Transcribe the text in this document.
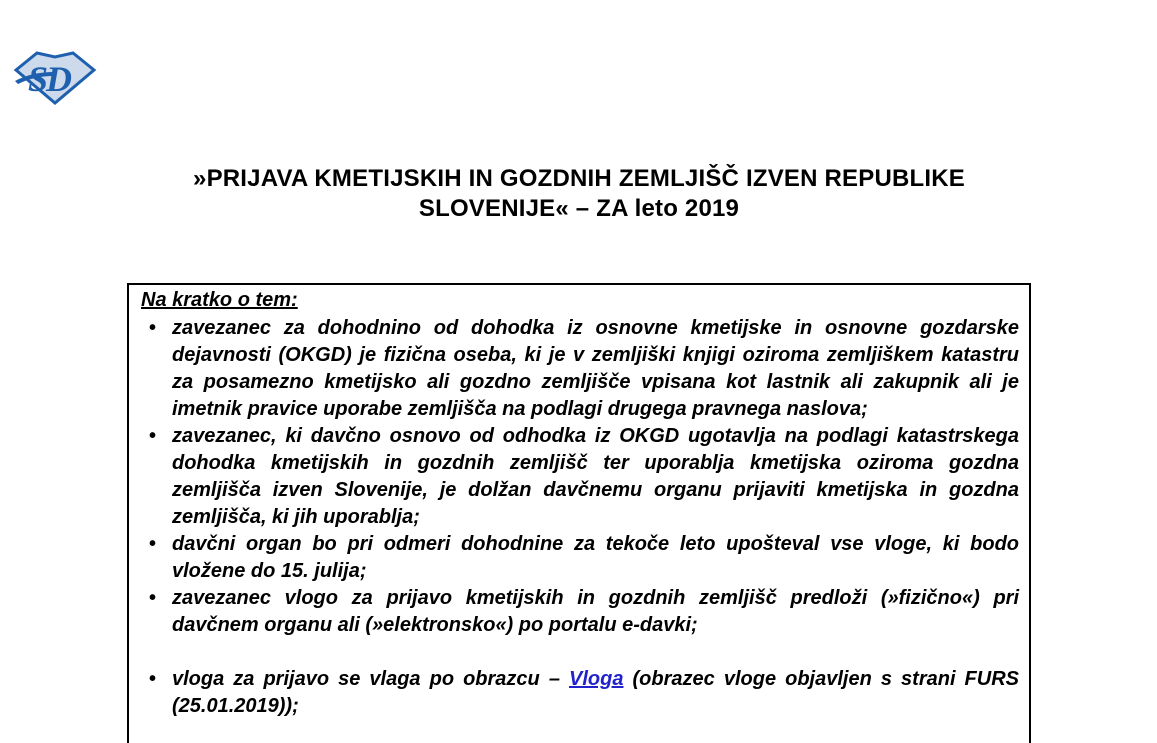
SD
»PRIJAVA KMETIJSKIH IN GOZDNIH ZEMLJIŠČ IZVEN REPUBLIKE
SLOVENIJE« – ZA leto 2019
Na kratko o tem:
• zavezanec za dohodnino od dohodka iz osnovne kmetijske in osnovne gozdarske dejavnosti (OKGD) je fizična oseba, ki je v zemljiški knjigi oziroma zemljiškem katastru za posamezno kmetijsko ali gozdno zemljišče vpisana kot lastnik ali zakupnik ali je imetnik pravice uporabe zemljišča na podlagi drugega pravnega naslova;
• zavezanec, ki davčno osnovo od odhodka iz OKGD ugotavlja na podlagi katastrskega dohodka kmetijskih in gozdnih zemljišč ter uporablja kmetijska oziroma gozdna zemljišča izven Slovenije, je dolžan davčnemu organu prijaviti kmetijska in gozdna zemljišča, ki jih uporablja;
• davčni organ bo pri odmeri dohodnine za tekoče leto upošteval vse vloge, ki bodo vložene do 15. julija;
• zavezanec vlogo za prijavo kmetijskih in gozdnih zemljišč predloži (»fizično«) pri davčnem organu ali (»elektronsko«) po portalu e-davki;
• vloga za prijavo se vlaga po obrazcu – Vloga (obrazec vloge objavljen s strani FURS (25.01.2019));
